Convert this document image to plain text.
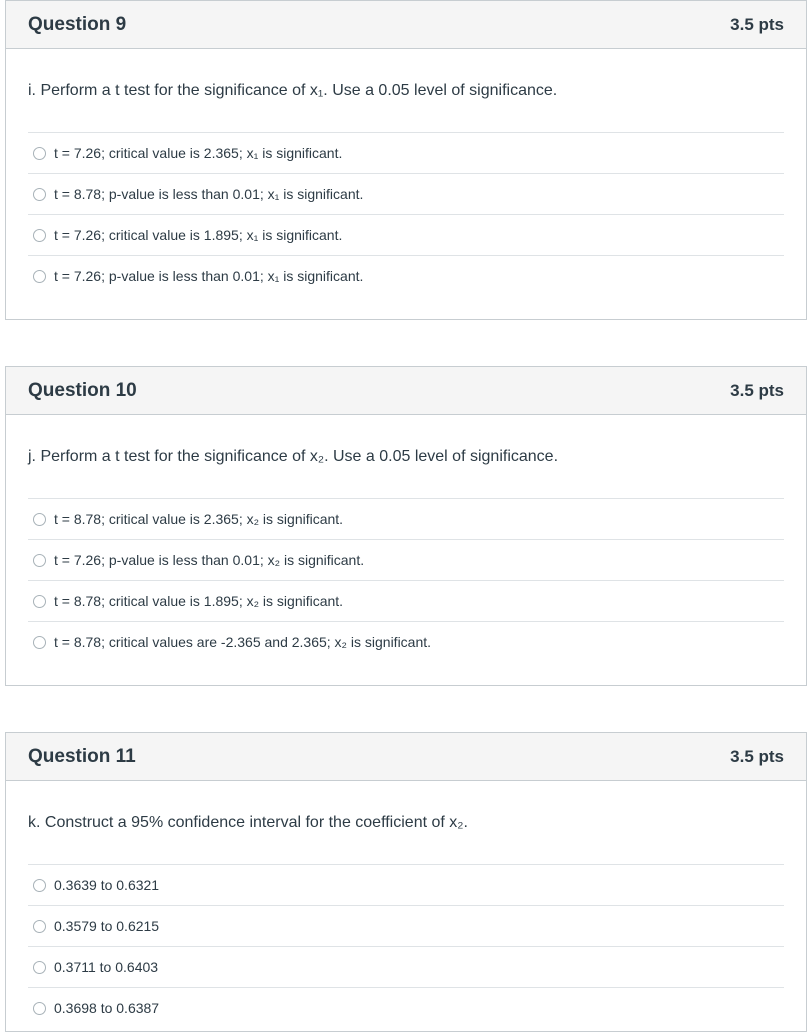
Question 9	3.5 pts
i. Perform a t test for the significance of x₁. Use a 0.05 level of significance.
t = 7.26; critical value is 2.365; x₁ is significant.
t = 8.78; p-value is less than 0.01; x₁ is significant.
t = 7.26; critical value is 1.895; x₁ is significant.
t = 7.26; p-value is less than 0.01; x₁ is significant.
Question 10	3.5 pts
j. Perform a t test for the significance of x₂. Use a 0.05 level of significance.
t = 8.78; critical value is 2.365; x₂ is significant.
t = 7.26; p-value is less than 0.01; x₂ is significant.
t = 8.78; critical value is 1.895; x₂ is significant.
t = 8.78; critical values are -2.365 and 2.365; x₂ is significant.
Question 11	3.5 pts
k. Construct a 95% confidence interval for the coefficient of x₂.
0.3639 to 0.6321
0.3579 to 0.6215
0.3711 to 0.6403
0.3698 to 0.6387
